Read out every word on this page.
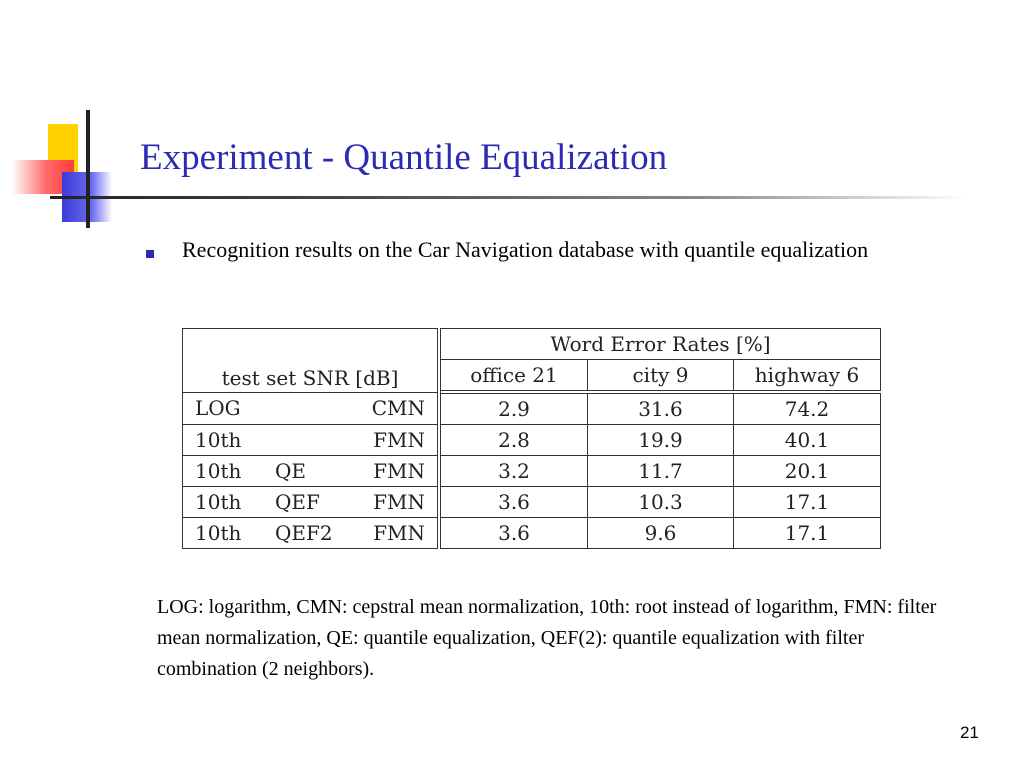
Experiment - Quantile Equalization
Recognition results on the Car Navigation database with quantile equalization
test set SNR [dB]	Word Error Rates [%]		
	office 21	city 9	highway 6

LOG CMN	2.9	31.6	74.2

10th FMN	2.8	19.9	40.1

10th QE FMN	3.2	11.7	20.1

10th QEF FMN	3.6	10.3	17.1

10th QEF2 FMN	3.6	9.6	17.1
LOG: logarithm, CMN: cepstral mean normalization, 10th: root instead of logarithm, FMN: filter mean normalization, QE: quantile equalization, QEF(2): quantile equalization with filter combination (2 neighbors).
21
